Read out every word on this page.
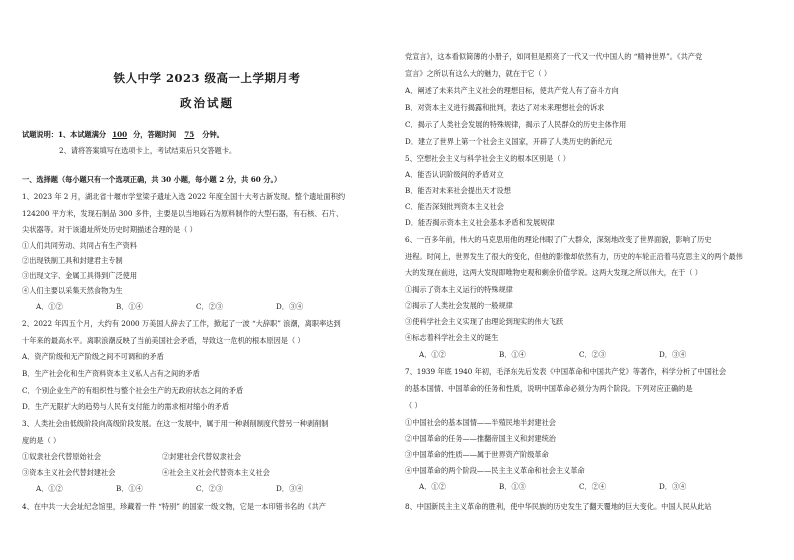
铁人中学 2023 级高一上学期月考
政治试题
试题说明：1、本试题满分 100 分，答题时间 75 分钟。
2、请将答案填写在选项卡上，考试结束后只交答题卡。
一、选择题（每小题只有一个选项正确，共 30 小题，每小题 2 分，共 60 分。）
1、2023 年 2 月，湖北省十堰市学堂梁子遗址入选 2022 年度全国十大考古新发现。整个遗址面积约
124200 平方米，发现石制品 300 多件，主要是以当地砾石为原料制作的大型石器，有石核、石片、
尖状器等。对于该遗址所处历史时期描述合理的是（ ）
①人们共同劳动、共同占有生产资料
②出现铁制工具和封建君主专制
③出现文字、金属工具得到广泛使用
④人们主要以采集天然食物为生
A．①②	B．①④	C．②③	D．③④
2、2022 年四五个月，大约有 2000 万美国人辞去了工作，掀起了一波 “大辞职” 浪潮，离职率达到
十年来的最高水平。离职浪潮反映了当前美国社会矛盾，导致这一危机的根本原因是（ ）
A．资产阶级和无产阶级之间不可调和的矛盾
B．生产社会化和生产资料资本主义私人占有之间的矛盾
C．个别企业生产的有组织性与整个社会生产的无政府状态之间的矛盾
D．生产无限扩大的趋势与人民有支付能力的需求相对缩小的矛盾
3、人类社会由低级阶段向高级阶段发展。在这一发展中，属于用一种剥削制度代替另一种剥削制
度的是（ ）
①奴隶社会代替原始社会	②封建社会代替奴隶社会
③资本主义社会代替封建社会	④社会主义社会代替资本主义社会
A．①②	B．①④	C．②③	D．③④
4、在中共一大会址纪念馆里，珍藏着一件 “特别” 的国家一级文物，它是一本印错书名的《共产
党宣言》，这本看似简薄的小册子，如同但是照亮了一代又一代中国人的 “精神世界”。《共产党
宣言》之所以有这么大的魅力，就在于它（ ）
A．阐述了未来共产主义社会的理想目标，使共产党人有了奋斗方向
B．对资本主义进行揭露和批判，表达了对未来理想社会的诉求
C．揭示了人类社会发展的特殊规律，揭示了人民群众的历史主体作用
D．建立了世界上第一个社会主义国家，开辟了人类历史的新纪元
5、空想社会主义与科学社会主义的根本区别是（ ）
A．能否认识阶级间的矛盾对立
B．能否对未来社会提出天才设想
C．能否深刻批判资本主义社会
D．能否揭示资本主义社会基本矛盾和发展规律
6、一百多年前，伟大的马克思用他的理论伟眼了广大群众，深刻地改变了世界面貌，影响了历史
进程。时间上，世界发生了很大的变化，但他的影像却依然有力，历史的车轮正沿着马克思主义的两个最伟
大的发现在前进，这两大发现即唯物史观和剩余价值学说。这两大发现之所以伟大，在于（ ）
①揭示了资本主义运行的特殊规律
②揭示了人类社会发展的一般规律
③使科学社会主义实现了由理论到现实的伟大飞跃
④标志着科学社会主义的诞生
A．①②	B．①④	C．②③	D．③④
7、1939 年底 1940 年初，毛泽东先后发表《中国革命和中国共产党》等著作，科学分析了中国社会
的基本国情、中国革命的任务和性质，说明中国革命必须分为两个阶段。下列对应正确的是
（ ）
①中国社会的基本国情——半殖民地半封建社会
②中国革命的任务——推翻帝国主义和封建统治
③中国革命的性质——属于世界资产阶级革命
④中国革命的两个阶段——民主主义革命和社会主义革命
A．①②	B．①③	C．②④	D．③④
8、中国新民主主义革命的胜利，使中华民族的历史发生了翻天覆地的巨大变化。中国人民从此站
